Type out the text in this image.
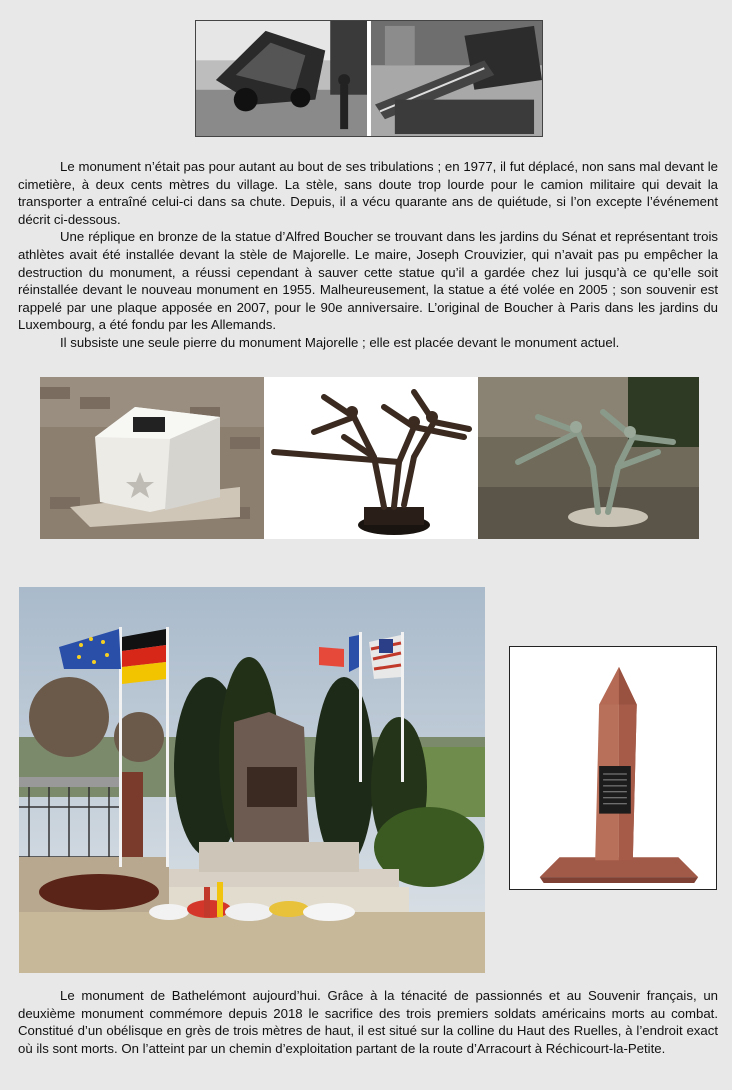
Le monument n’était pas pour autant au bout de ses tribulations ; en 1977, il fut déplacé, non sans mal devant le cimetière, à deux cents mètres du village. La stèle, sans doute trop lourde pour le camion militaire qui devait la transporter a entraîné celui-ci dans sa chute. Depuis, il a vécu quarante ans de quiétude, si l’on excepte l’événement décrit ci-dessous.

Une réplique en bronze de la statue d’Alfred Boucher se trouvant dans les jardins du Sénat et représentant trois athlètes avait été installée devant la stèle de Majorelle. Le maire, Joseph Crouvizier, qui n’avait pas pu empêcher la destruction du monument, a réussi cependant à sauver cette statue qu’il a gardée chez lui jusqu’à ce qu’elle soit réinstallée devant le nouveau monument en 1955. Malheureusement, la statue a été volée en 2005 ; son souvenir est rappelé par une plaque apposée en 2007, pour le 90e anniversaire. L’original de Boucher à Paris dans les jardins du Luxembourg, a été fondu par les Allemands.

Il subsiste une seule pierre du monument Majorelle ; elle est placée devant le monument actuel.

Le monument de Bathelémont aujourd’hui. Grâce à la ténacité de passionnés et au Souvenir français, un deuxième monument commémore depuis 2018 le sacrifice des trois premiers soldats américains morts au combat. Constitué d’un obélisque en grès de trois mètres de haut, il est situé sur la colline du Haut des Ruelles, à l’endroit exact où ils sont morts. On l’atteint par un chemin d’exploitation partant de la route d’Arracourt à Réchicourt-la-Petite.
